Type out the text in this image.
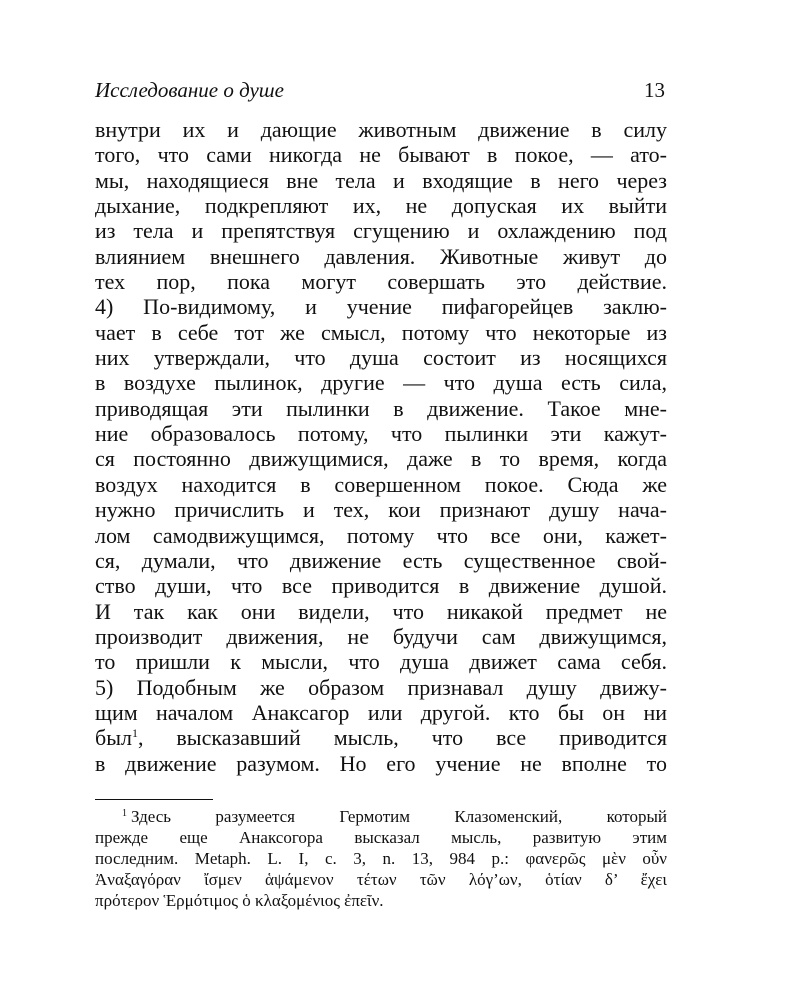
Исследование о душе	13
внутри их и дающие животным движение в силу
того, что сами никогда не бывают в покое, — ато-
мы, находящиеся вне тела и входящие в него через
дыхание, подкрепляют их, не допуская их выйти
из тела и препятствуя сгущению и охлаждению под
влиянием внешнего давления. Животные живут до
тех пор, пока могут совершать это действие.
4) По-видимому, и учение пифагорейцев заклю-
чает в себе тот же смысл, потому что некоторые из
них утверждали, что душа состоит из носящихся
в воздухе пылинок, другие — что душа есть сила,
приводящая эти пылинки в движение. Такое мне-
ние образовалось потому, что пылинки эти кажут-
ся постоянно движущимися, даже в то время, когда
воздух находится в совершенном покое. Сюда же
нужно причислить и тех, кои признают душу нача-
лом самодвижущимся, потому что все они, кажет-
ся, думали, что движение есть существенное свой-
ство души, что все приводится в движение душой.
И так как они видели, что никакой предмет не
производит движения, не будучи сам движущимся,
то пришли к мысли, что душа движет сама себя.
5) Подобным же образом признавал душу движу-
щим началом Анаксагор или другой. кто бы он ни
был$^1$, высказавший мысль, что все приводится
в движение разумом. Но его учение не вполне то
$^1$ Здесь разумеется Гермотим Клазоменский, который
прежде еще Анаксогора высказал мысль, развитую этим
последним. Metaph. L. I, c. 3, n. 13, 984 p.: φανερῶς μὲν οὖν
Ἀναξαγόραν ἴσμεν ἁψάμενον τέτων τῶν λόγ’ων, ὁτίαν δ’ ἔχει
πρότερον Ἑρμότιμος ὁ κλαξομένιος ἐπεῖν.
